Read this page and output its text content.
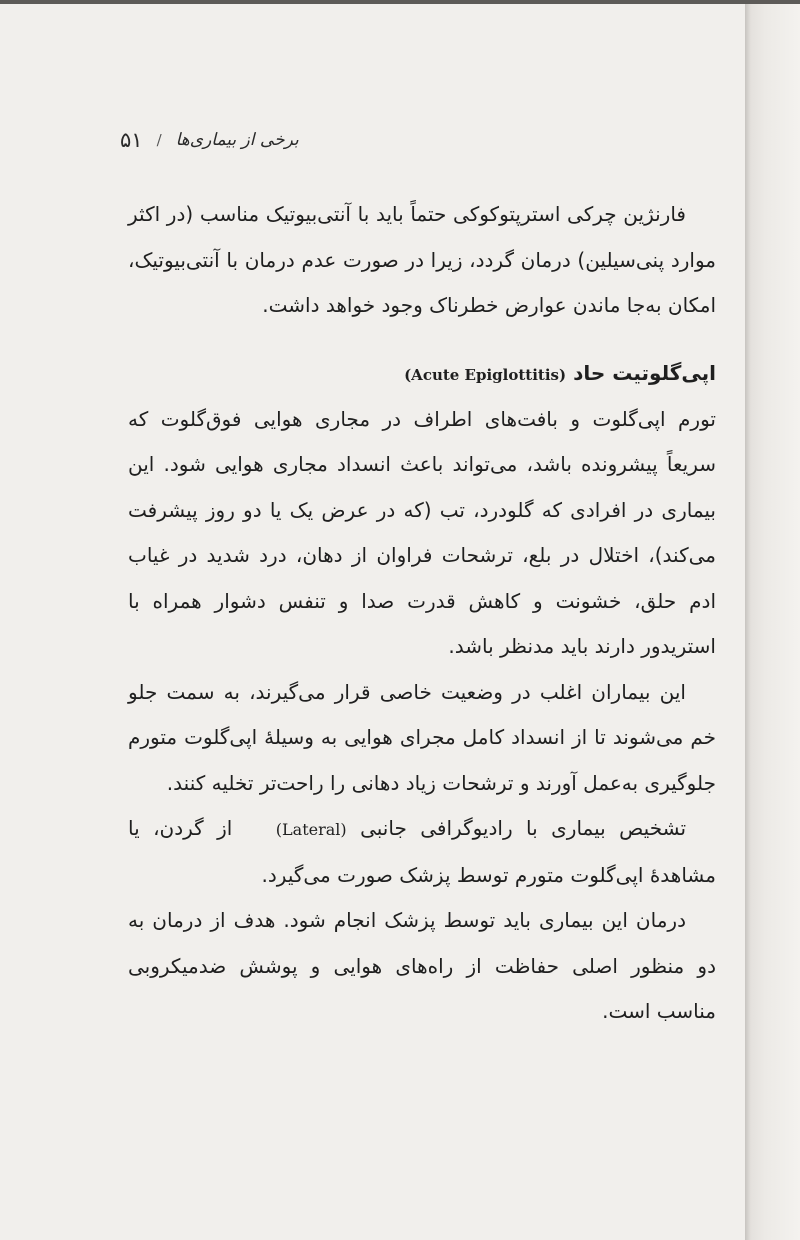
۵۱ / برخی از بیماری‌ها

فارنژین چرکی استرپتوکوکی حتماً باید با آنتی‌بیوتیک مناسب (در اکثر موارد پنی‌سیلین) درمان گردد، زیرا در صورت عدم درمان با آنتی‌بیوتیک، امکان به‌جا ماندن عوارض خطرناک وجود خواهد داشت.

اپی‌گلوتیت حاد (Acute Epiglottitis)

تورم اپی‌گلوت و بافت‌های اطراف در مجاری هوایی فوق‌گلوت که سریعاً پیشرونده باشد، می‌تواند باعث انسداد مجاری هوایی شود. این بیماری در افرادی که گلودرد، تب (که در عرض یک یا دو روز پیشرفت می‌کند)، اختلال در بلع، ترشحات فراوان از دهان، درد شدید در غیاب ادم حلق، خشونت و کاهش قدرت صدا و تنفس دشوار همراه با استریدور دارند باید مدنظر باشد.

این بیماران اغلب در وضعیت خاصی قرار می‌گیرند، به سمت جلو خم می‌شوند تا از انسداد کامل مجرای هوایی به وسیلهٔ اپی‌گلوت متورم جلوگیری به‌عمل آورند و ترشحات زیاد دهانی را راحت‌تر تخلیه کنند.

تشخیص بیماری با رادیوگرافی جانبی (Lateral) از گردن، یا مشاهدهٔ اپی‌گلوت متورم توسط پزشک صورت می‌گیرد.

درمان این بیماری باید توسط پزشک انجام شود. هدف از درمان به دو منظور اصلی حفاظت از راه‌های هوایی و پوشش ضدمیکروبی مناسب است.
